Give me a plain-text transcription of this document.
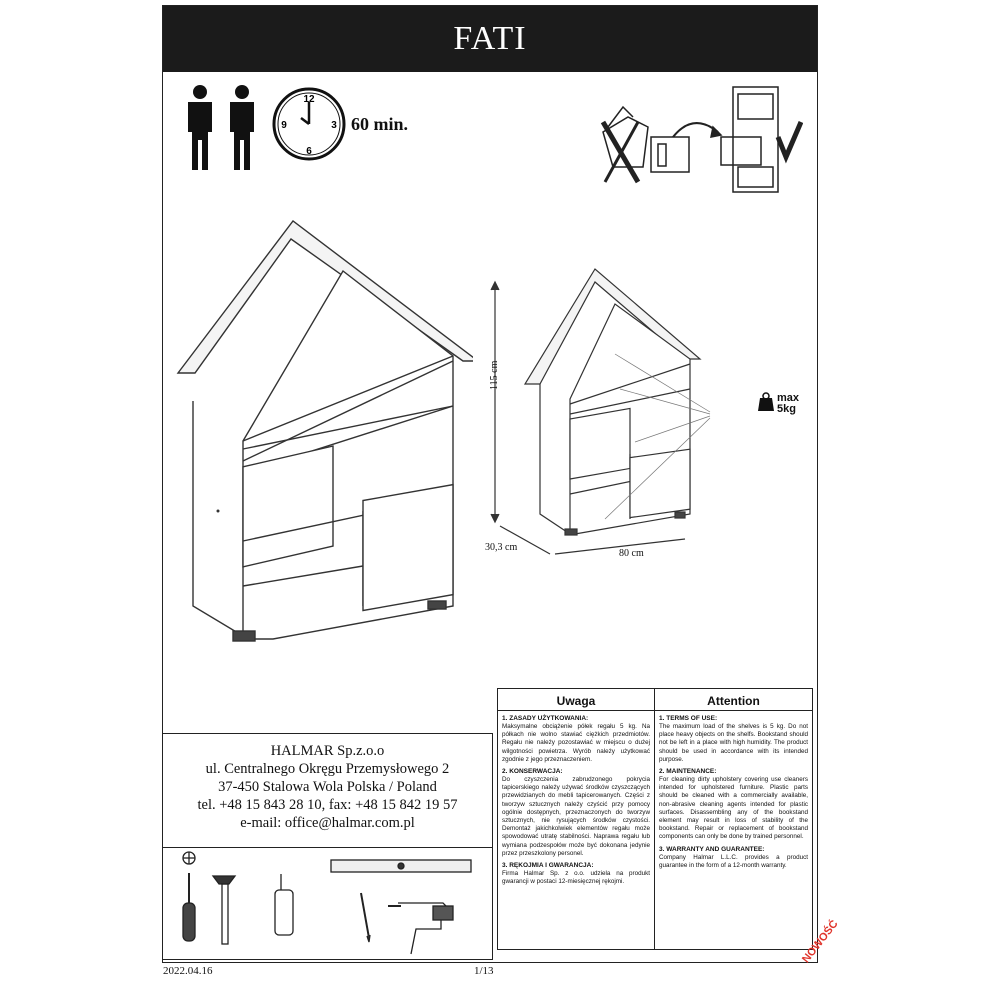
FATI
12
3
6
9	60 min.
115 cm
30,3 cm
80 cm
max
5kg
HALMAR Sp.z.o.o
ul. Centralnego Okręgu Przemysłowego 2
37-450 Stalowa Wola Polska / Poland
tel. +48 15 843 28 10, fax: +48 15 842 19 57
e-mail: office@halmar.com.pl
Uwaga
1. ZASADY UŻYTKOWANIA:
Maksymalne obciążenie półek regału 5 kg. Na półkach nie wolno stawiać ciężkich przedmiotów. Regału nie należy pozostawiać w miejscu o dużej wilgotności powietrza. Wyrób należy użytkować zgodnie z jego przeznaczeniem.
2. KONSERWACJA:
Do czyszczenia zabrudzonego pokrycia tapicerskiego należy używać środków czyszczących przewidzianych do mebli tapicerowanych. Części z tworzyw sztucznych należy czyścić przy pomocy ogólnie dostępnych, przeznaczonych do tworzyw sztucznych, nie rysujących środków czystości. Demontaż jakichkolwiek elementów regału może spowodować utratę stabilności. Naprawa regału lub wymiana podzespołów może być dokonana jedynie przez przeszkolony personel.
3. RĘKOJMIA I GWARANCJA:
Firma Halmar Sp. z o.o. udziela na produkt gwarancji w postaci 12-miesięcznej rękojmi.
Attention
1. TERMS OF USE:
The maximum load of the shelves is 5 kg. Do not place heavy objects on the shelfs. Bookstand should not be left in a place with high humidity. The product should be used in accordance with its intended purpose.
2. MAINTENANCE:
For cleaning dirty upholstery covering use cleaners intended for upholstered furniture. Plastic parts should be cleaned with a commercially available, non-abrasive cleaning agents intended for plastic surfaces. Disassembling any of the bookstand element may result in loss of stability of the bookstand. Repair or replacement of bookstand components can only be done by trained personnel.
3. WARRANTY AND GUARANTEE:
Company Halmar L.L.C. provides a product guarantee in the form of a 12-month warranty.
2022.04.16	1/13
NOWOŚĆ
